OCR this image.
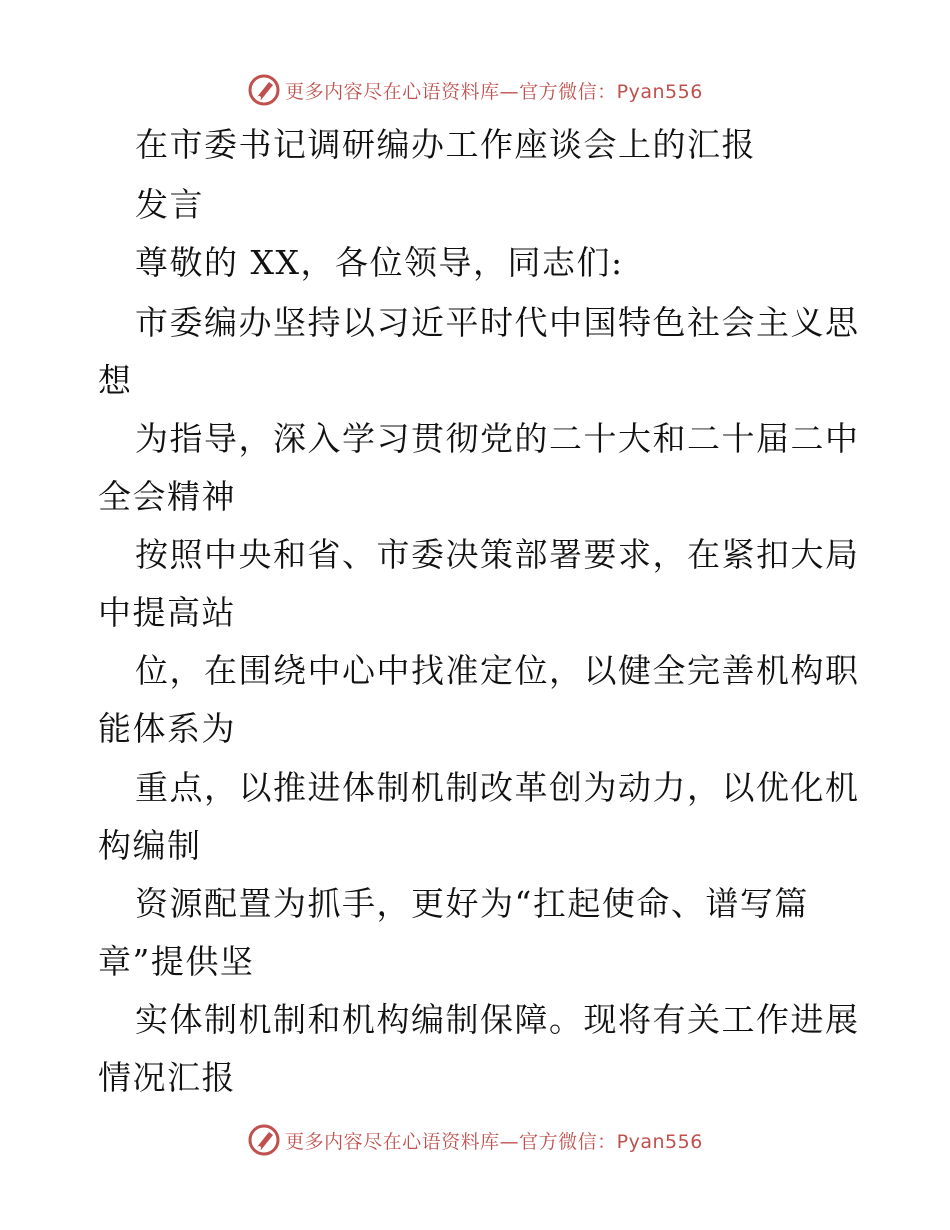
更多内容尽在心语资料库—官方微信：Pyan556
在市委书记调研编办工作座谈会上的汇报
发言
尊敬的 XX，各位领导，同志们:
市委编办坚持以习近平时代中国特色社会主义思
想
为指导，深入学习贯彻党的二十大和二十届二中
全会精神
按照中央和省、市委决策部署要求，在紧扣大局
中提高站
位，在围绕中心中找准定位，以健全完善机构职
能体系为
重点，以推进体制机制改革创为动力，以优化机
构编制
资源配置为抓手，更好为“扛起使命、谱写篇
章”提供坚
实体制机制和机构编制保障。现将有关工作进展
情况汇报
更多内容尽在心语资料库—官方微信：Pyan556
